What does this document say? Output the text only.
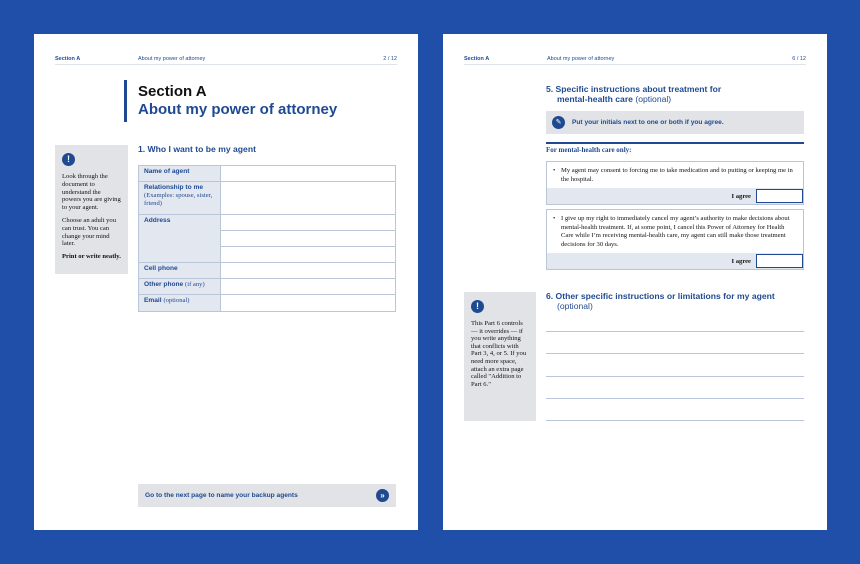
Section A	About my power of attorney	2 / 12
Section A
About my power of attorney
!

Look through the document to understand the powers you are giving to your agent.

Choose an adult you can trust. You can change your mind later.

Print or write neatly.

1. Who I want to be my agent
Name of agent
Relationship to me
(Examples: spouse, sister, friend)
Address
Cell phone
Other phone (if any)
Email (optional)
Go to the next page to name your backup agents	»
Section A	About my power of attorney	6 / 12
5. Specific instructions about treatment for
mental-health care (optional)
✎	Put your initials next to one or both if you agree.
For mental-health care only:
• My agent may consent to forcing me to take medication and to putting or keeping me in the hospital.
I agree
• I give up my right to immediately cancel my agent’s authority to make decisions about mental-health treatment. If, at some point, I cancel this Power of Attorney for Health Care while I’m receiving mental-health care, my agent can still make those treatment decisions for 30 days.
I agree
6. Other specific instructions or limitations for my agent
(optional)
!

This Part 6 controls — it overrides — if you write anything that conflicts with Part 3, 4, or 5. If you need more space, attach an extra page called "Addition to Part 6."
